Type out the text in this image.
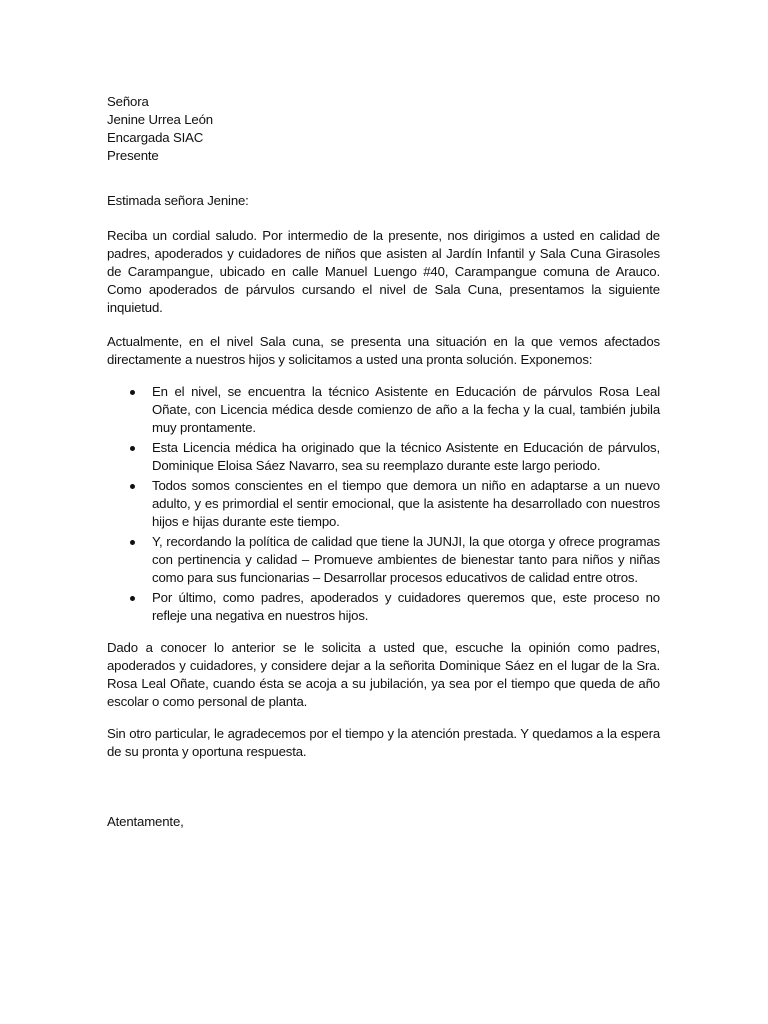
Señora
Jenine Urrea León
Encargada SIAC
Presente
Estimada señora Jenine:

Reciba un cordial saludo. Por intermedio de la presente, nos dirigimos a usted en calidad de padres, apoderados y cuidadores de niños que asisten al Jardín Infantil y Sala Cuna Girasoles de Carampangue, ubicado en calle Manuel Luengo #40, Carampangue comuna de Arauco. Como apoderados de párvulos cursando el nivel de Sala Cuna, presentamos la siguiente inquietud.

Actualmente, en el nivel Sala cuna, se presenta una situación en la que vemos afectados directamente a nuestros hijos y solicitamos a usted una pronta solución. Exponemos:

En el nivel, se encuentra la técnico Asistente en Educación de párvulos Rosa Leal Oñate, con Licencia médica desde comienzo de año a la fecha y la cual, también jubila muy prontamente.
Esta Licencia médica ha originado que la técnico Asistente en Educación de párvulos, Dominique Eloisa Sáez Navarro, sea su reemplazo durante este largo periodo.
Todos somos conscientes en el tiempo que demora un niño en adaptarse a un nuevo adulto, y es primordial el sentir emocional, que la asistente ha desarrollado con nuestros hijos e hijas durante este tiempo.
Y, recordando la política de calidad que tiene la JUNJI, la que otorga y ofrece programas con pertinencia y calidad – Promueve ambientes de bienestar tanto para niños y niñas como para sus funcionarias – Desarrollar procesos educativos de calidad entre otros.
Por último, como padres, apoderados y cuidadores queremos que, este proceso no refleje una negativa en nuestros hijos.

Dado a conocer lo anterior se le solicita a usted que, escuche la opinión como padres, apoderados y cuidadores, y considere dejar a la señorita Dominique Sáez en el lugar de la Sra. Rosa Leal Oñate, cuando ésta se acoja a su jubilación, ya sea por el tiempo que queda de año escolar o como personal de planta.

Sin otro particular, le agradecemos por el tiempo y la atención prestada. Y quedamos a la espera de su pronta y oportuna respuesta.

Atentamente,
